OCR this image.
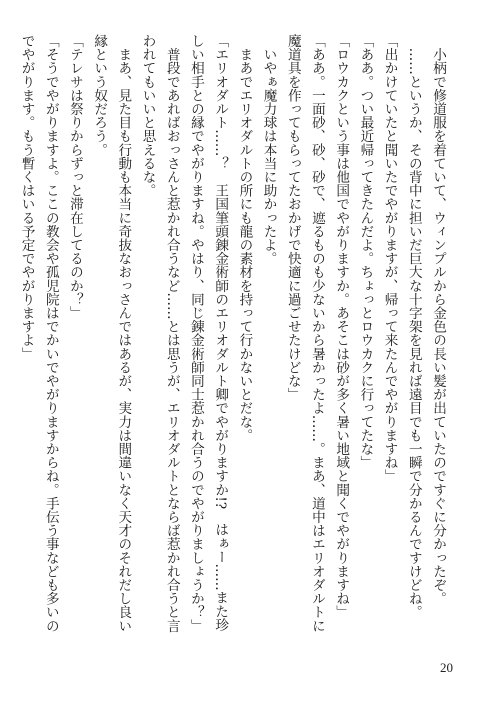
　小柄で修道服を着ていて、ウィンプルから金色の長い髪が出ていたのですぐに分かったぞ。

　……というか、その背中に担いだ巨大な十字架を見れば遠目でも一瞬で分かるんですけどね。

「出かけていたと聞いたでやがりますが、帰って来たんでやがりますね」

「ああ。つい最近帰ってきたんだよ。ちょっとロウカクに行ってたな」

「ロウカクという事は他国でやがりますか。あそこは砂が多く暑い地域と聞くでやがりますね」

「ああ。一面砂、砂、砂で、遮るものも少ないから暑かったよ……。まあ、道中はエリオダルトに

魔道具を作ってもらってたおかげで快適に過ごせたけどな」

　いやぁ魔力球は本当に助かったよ。

　まあでエリオダルトの所にも龍の素材を持って行かないとだな。

「エリオダルト……？　王国筆頭錬金術師のエリオダルト卿でやがりますか!?　はぁー……また珍

しい相手との縁でやがりますね。やはり、同じ錬金術師同士惹かれ合うのでやがりましょうか？」

　普段であればおっさんと惹かれ合うなど……とは思うが、エリオダルトとならば惹かれ合うと言

われてもいいと思えるな。

　まあ、見た目も行動も本当に奇抜なおっさんではあるが、実力は間違いなく天才のそれだし良い

縁という奴だろう。

「テレサは祭りからずっと滞在してるのか？」

「そうでやがりますよ。ここの教会や孤児院はでかいでやがりますからね。手伝う事なども多いの

でやがります。もう暫くはいる予定でやがりますよ」

20
